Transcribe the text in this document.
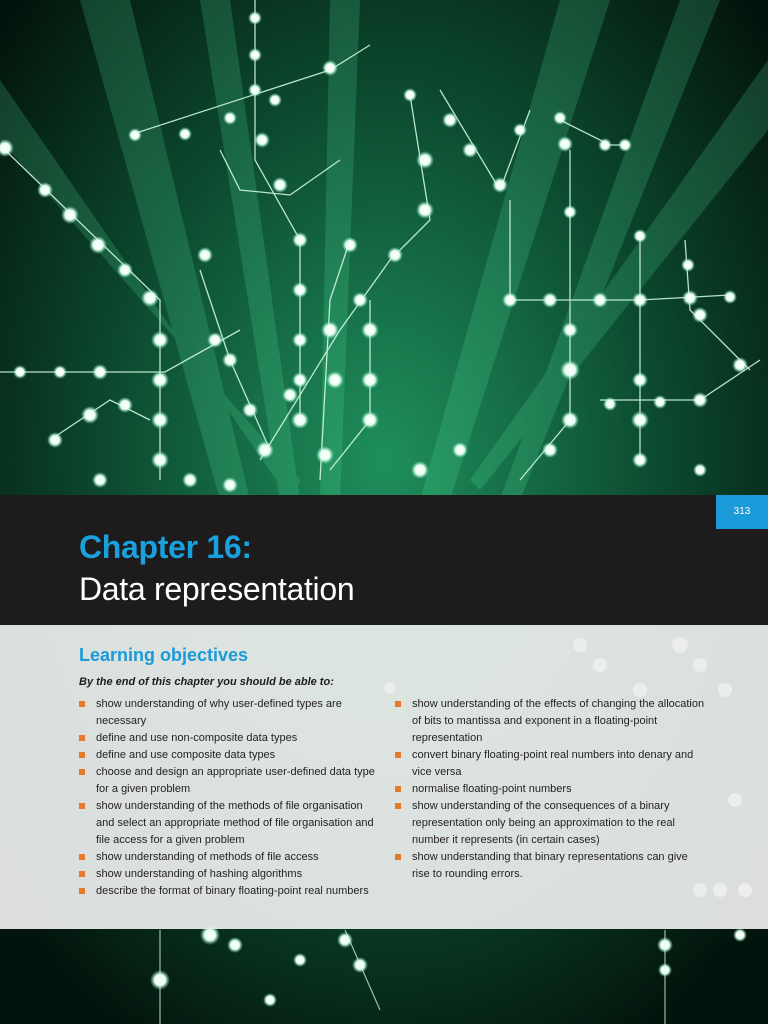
313
Chapter 16:
Data representation
Learning objectives
By the end of this chapter you should be able to:
show understanding of why user-defined types are necessary
define and use non-composite data types
define and use composite data types
choose and design an appropriate user-defined data type for a given problem
show understanding of the methods of file organisation and select an appropriate method of file organisation and file access for a given problem
show understanding of methods of file access
show understanding of hashing algorithms
describe the format of binary floating-point real numbers
show understanding of the effects of changing the allocation of bits to mantissa and exponent in a floating-point representation
convert binary floating-point real numbers into denary and vice versa
normalise floating-point numbers
show understanding of the consequences of a binary representation only being an approximation to the real number it represents (in certain cases)
show understanding that binary representations can give rise to rounding errors.
